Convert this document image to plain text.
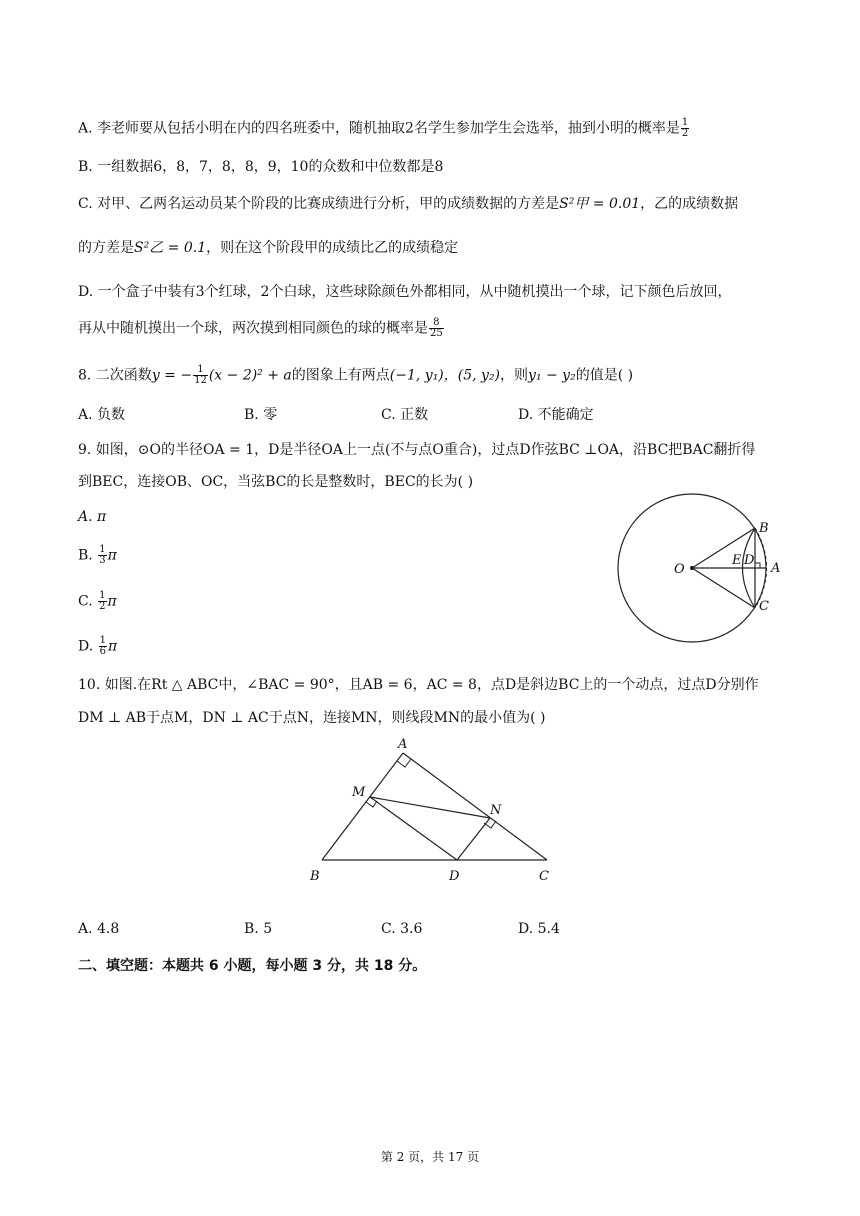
A. 李老师要从包括小明在内的四名班委中，随机抽取2名学生参加学生会选举，抽到小明的概率是 $\frac{1}{2}$
B. 一组数据6，8，7，8，8，9，10的众数和中位数都是8
C. 对甲、乙两名运动员某个阶段的比赛成绩进行分析，甲的成绩数据的方差是S²甲 = 0.01，乙的成绩数据
的方差是S²乙 = 0.1，则在这个阶段甲的成绩比乙的成绩稳定
D. 一个盒子中装有3个红球，2个白球，这些球除颜色外都相同，从中随机摸出一个球，记下颜色后放回，
再从中随机摸出一个球，两次摸到相同颜色的球的概率是 $\frac{8}{25}$
8. 二次函数y = − $\frac{1}{12} (x - 2)^2 + a$的图象上有两点(−1, y₁)，(5, y₂)，则y₁ − y₂的值是( )
A. 负数	B. 零	C. 正数	D. 不能确定
9. 如图，⊙O的半径OA = 1，D是半径OA上一点(不与点O重合)，过点D作弦BC ⊥OA，沿BC把BAC翻折得
到BEC，连接OB、OC，当弦BC的长是整数时，BEC的长为( )
A. π
B. $\frac{1}{3}$ π
C. $\frac{1}{2}$ π
D. $\frac{1}{6}$ π
O
E D
A
B
C
10. 如图.在Rt △ ABC中，∠BAC = 90°，且AB = 6，AC = 8，点D是斜边BC上的一个动点，过点D分别作
DM ⊥ AB于点M，DN ⊥ AC于点N，连接MN，则线段MN的最小值为( )
A
M
N
B	D	C
A. 4.8	B. 5	C. 3.6	D. 5.4
二、填空题：本题共 6 小题，每小题 3 分，共 18 分。
第 2 页，共 17 页
